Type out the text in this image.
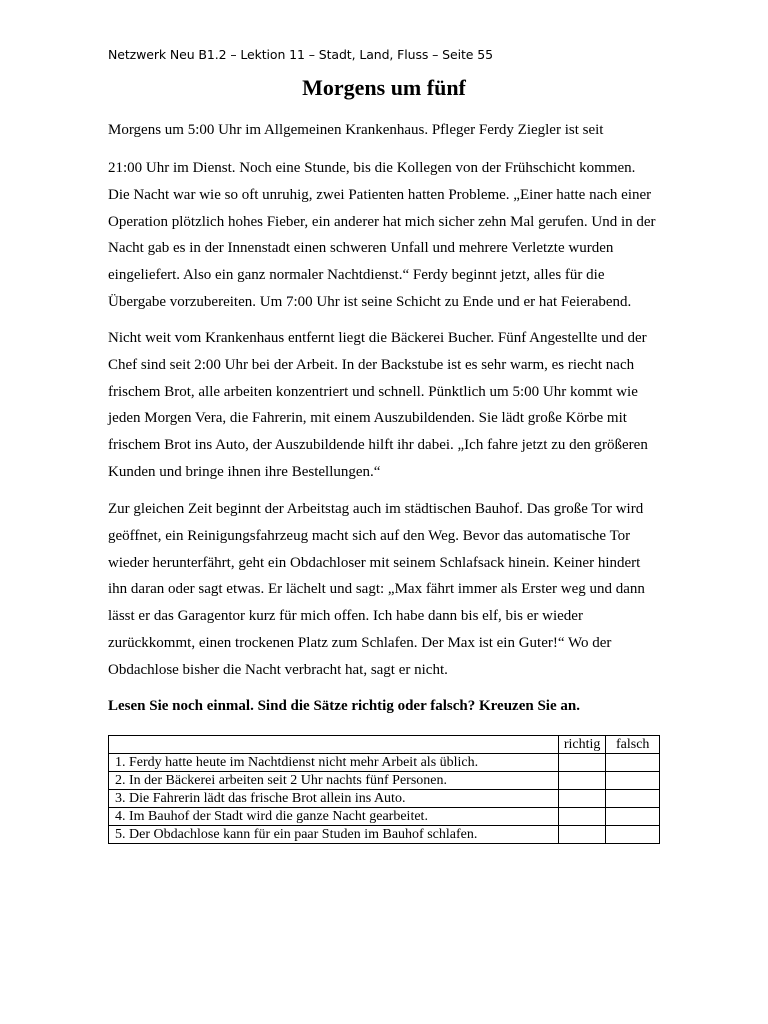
Netzwerk Neu B1.2 – Lektion 11 – Stadt, Land, Fluss – Seite 55
Morgens um fünf

Morgens um 5:00 Uhr im Allgemeinen Krankenhaus. Pfleger Ferdy Ziegler ist seit

21:00 Uhr im Dienst. Noch eine Stunde, bis die Kollegen von der Frühschicht kommen. Die Nacht war wie so oft unruhig, zwei Patienten hatten Probleme. „Einer hatte nach einer Operation plötzlich hohes Fieber, ein anderer hat mich sicher zehn Mal gerufen. Und in der Nacht gab es in der Innenstadt einen schweren Unfall und mehrere Verletzte wurden eingeliefert. Also ein ganz normaler Nachtdienst.“ Ferdy beginnt jetzt, alles für die Übergabe vorzubereiten. Um 7:00 Uhr ist seine Schicht zu Ende und er hat Feierabend.

Nicht weit vom Krankenhaus entfernt liegt die Bäckerei Bucher. Fünf Angestellte und der Chef sind seit 2:00 Uhr bei der Arbeit. In der Backstube ist es sehr warm, es riecht nach frischem Brot, alle arbeiten konzentriert und schnell. Pünktlich um 5:00 Uhr kommt wie jeden Morgen Vera, die Fahrerin, mit einem Auszubildenden. Sie lädt große Körbe mit frischem Brot ins Auto, der Auszubildende hilft ihr dabei. „Ich fahre jetzt zu den größeren Kunden und bringe ihnen ihre Bestellungen.“

Zur gleichen Zeit beginnt der Arbeitstag auch im städtischen Bauhof. Das große Tor wird geöffnet, ein Reinigungsfahrzeug macht sich auf den Weg. Bevor das automatische Tor wieder herunterfährt, geht ein Obdachloser mit seinem Schlafsack hinein. Keiner hindert ihn daran oder sagt etwas. Er lächelt und sagt: „Max fährt immer als Erster weg und dann lässt er das Garagentor kurz für mich offen. Ich habe dann bis elf, bis er wieder zurückkommt, einen trockenen Platz zum Schlafen. Der Max ist ein Guter!“ Wo der Obdachlose bisher die Nacht verbracht hat, sagt er nicht.

Lesen Sie noch einmal. Sind die Sätze richtig oder falsch? Kreuzen Sie an.
	richtig	falsch
1. Ferdy hatte heute im Nachtdienst nicht mehr Arbeit als üblich.		
2. In der Bäckerei arbeiten seit 2 Uhr nachts fünf Personen.		
3. Die Fahrerin lädt das frische Brot allein ins Auto.		
4. Im Bauhof der Stadt wird die ganze Nacht gearbeitet.		
5. Der Obdachlose kann für ein paar Studen im Bauhof schlafen.		
